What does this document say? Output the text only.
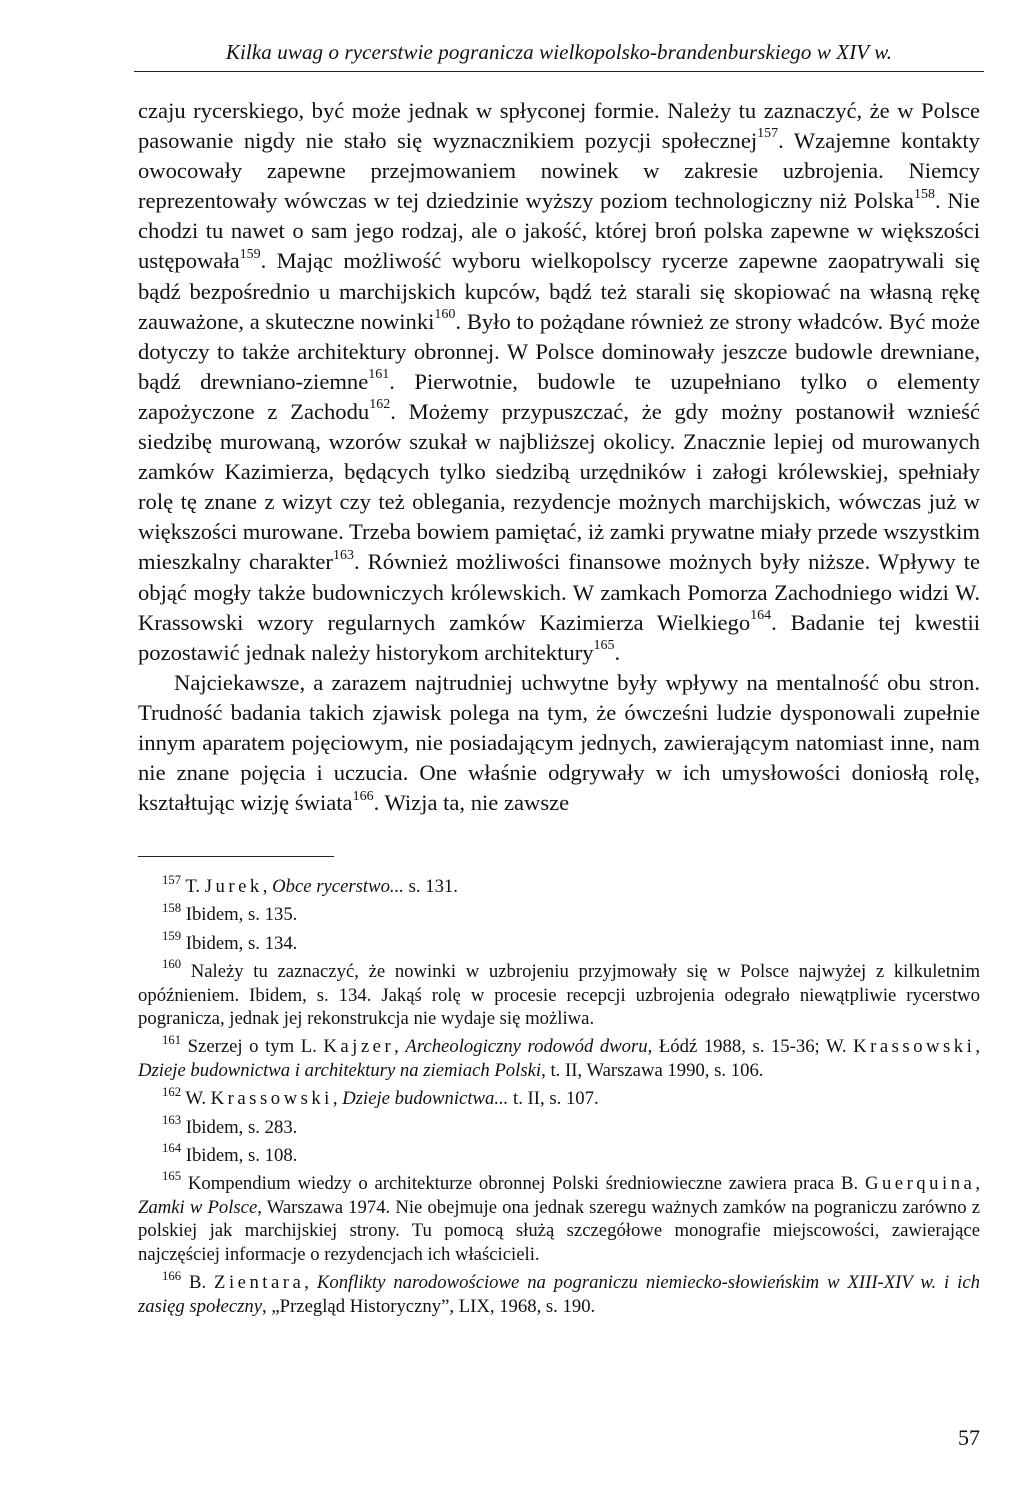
Kilka uwag o rycerstwie pogranicza wielkopolsko-brandenburskiego w XIV w.

czaju rycerskiego, być może jednak w spłyconej formie. Należy tu zaznaczyć, że w Polsce pasowanie nigdy nie stało się wyznacznikiem pozycji społecznej$^{157}$. Wzajemne kontakty owocowały zapewne przejmowaniem nowinek w zakresie uzbrojenia. Niemcy reprezentowały wówczas w tej dziedzinie wyższy poziom technologiczny niż Polska$^{158}$. Nie chodzi tu nawet o sam jego rodzaj, ale o jakość, której broń polska zapewne w większości ustępowała$^{159}$. Mając możliwość wyboru wielkopolscy rycerze zapewne zaopatrywali się bądź bezpośrednio u marchijskich kupców, bądź też starali się skopiować na własną rękę zauważone, a skuteczne nowinki$^{160}$. Było to pożądane również ze strony władców. Być może dotyczy to także architektury obronnej. W Polsce dominowały jeszcze budowle drewniane, bądź drewniano-ziemne$^{161}$. Pierwotnie, budowle te uzupełniano tylko o elementy zapożyczone z Zachodu$^{162}$. Możemy przypuszczać, że gdy możny postanowił wznieść siedzibę murowaną, wzorów szukał w najbliższej okolicy. Znacznie lepiej od murowanych zamków Kazimierza, będących tylko siedzibą urzędników i załogi królewskiej, spełniały rolę tę znane z wizyt czy też oblegania, rezydencje możnych marchijskich, wówczas już w większości murowane. Trzeba bowiem pamiętać, iż zamki prywatne miały przede wszystkim mieszkalny charakter$^{163}$. Również możliwości finansowe możnych były niższe. Wpływy te objąć mogły także budowniczych królewskich. W zamkach Pomorza Zachodniego widzi W. Krassowski wzory regularnych zamków Kazimierza Wielkiego$^{164}$. Badanie tej kwestii pozostawić jednak należy historykom architektury$^{165}$.

Najciekawsze, a zarazem najtrudniej uchwytne były wpływy na mentalność obu stron. Trudność badania takich zjawisk polega na tym, że ówcześni ludzie dysponowali zupełnie innym aparatem pojęciowym, nie posiadającym jednych, zawierającym natomiast inne, nam nie znane pojęcia i uczucia. One właśnie odgrywały w ich umysłowości doniosłą rolę, kształtując wizję świata$^{166}$. Wizja ta, nie zawsze

$^{157}$ T. Jurek, Obce rycerstwo... s. 131.

$^{158}$ Ibidem, s. 135.

$^{159}$ Ibidem, s. 134.

$^{160}$ Należy tu zaznaczyć, że nowinki w uzbrojeniu przyjmowały się w Polsce najwyżej z kilkuletnim opóźnieniem. Ibidem, s. 134. Jakąś rolę w procesie recepcji uzbrojenia odegrało niewątpliwie rycerstwo pogranicza, jednak jej rekonstrukcja nie wydaje się możliwa.

$^{161}$ Szerzej o tym L. Kajzer, Archeologiczny rodowód dworu, Łódź 1988, s. 15-36; W. Krassowski, Dzieje budownictwa i architektury na ziemiach Polski, t. II, Warszawa 1990, s. 106.

$^{162}$ W. Krassowski, Dzieje budownictwa... t. II, s. 107.

$^{163}$ Ibidem, s. 283.

$^{164}$ Ibidem, s. 108.

$^{165}$ Kompendium wiedzy o architekturze obronnej Polski średniowieczne zawiera praca B. Guerquina, Zamki w Polsce, Warszawa 1974. Nie obejmuje ona jednak szeregu ważnych zamków na pograniczu zarówno z polskiej jak marchijskiej strony. Tu pomocą służą szczegółowe monografie miejscowości, zawierające najczęściej informacje o rezydencjach ich właścicieli.

$^{166}$ B. Zientara, Konflikty narodowościowe na pograniczu niemiecko-słowieńskim w XIII-XIV w. i ich zasięg społeczny, „Przegląd Historyczny”, LIX, 1968, s. 190.

57
